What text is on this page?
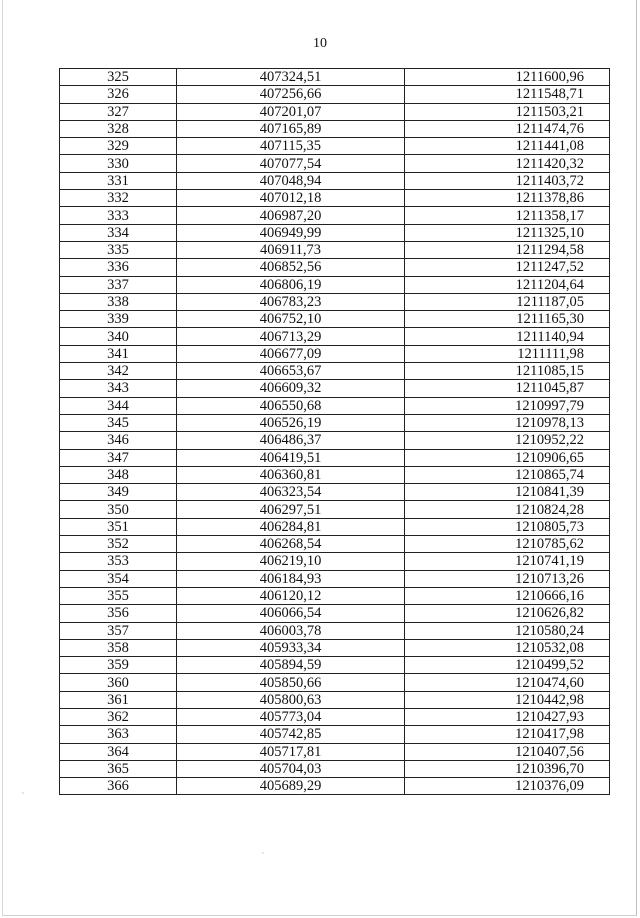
10
325	407324,51	1211600,96
326	407256,66	1211548,71
327	407201,07	1211503,21
328	407165,89	1211474,76
329	407115,35	1211441,08
330	407077,54	1211420,32
331	407048,94	1211403,72
332	407012,18	1211378,86
333	406987,20	1211358,17
334	406949,99	1211325,10
335	406911,73	1211294,58
336	406852,56	1211247,52
337	406806,19	1211204,64
338	406783,23	1211187,05
339	406752,10	1211165,30
340	406713,29	1211140,94
341	406677,09	1211111,98
342	406653,67	1211085,15
343	406609,32	1211045,87
344	406550,68	1210997,79
345	406526,19	1210978,13
346	406486,37	1210952,22
347	406419,51	1210906,65
348	406360,81	1210865,74
349	406323,54	1210841,39
350	406297,51	1210824,28
351	406284,81	1210805,73
352	406268,54	1210785,62
353	406219,10	1210741,19
354	406184,93	1210713,26
355	406120,12	1210666,16
356	406066,54	1210626,82
357	406003,78	1210580,24
358	405933,34	1210532,08
359	405894,59	1210499,52
360	405850,66	1210474,60
361	405800,63	1210442,98
362	405773,04	1210427,93
363	405742,85	1210417,98
364	405717,81	1210407,56
365	405704,03	1210396,70
366	405689,29	1210376,09
